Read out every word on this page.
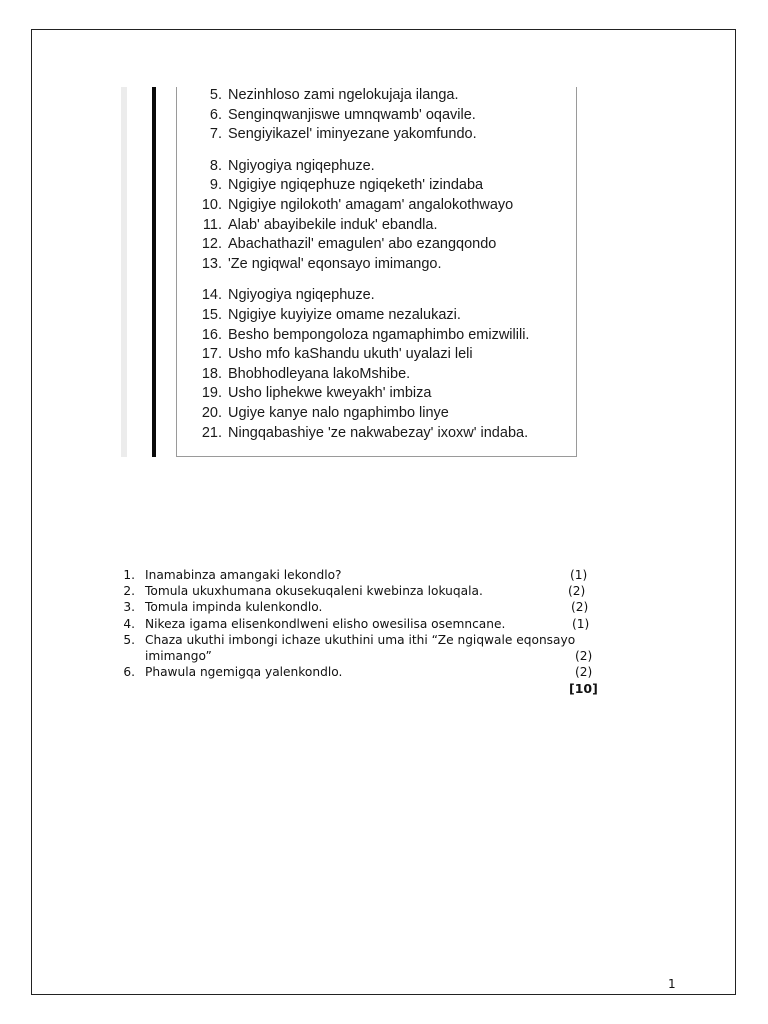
5. Nezinhloso zami ngelokujaja ilanga.
6. Senginqwanjiswe umnqwamb' oqavile.
7. Sengiyikazel' iminyezane yakomfundo.
8. Ngiyogiya ngiqephuze.
9. Ngigiye ngiqephuze ngiqeketh' izindaba
10. Ngigiye ngilokoth' amagam' angalokothwayo
11. Alab' abayibekile induk' ebandla.
12. Abachathazil' emagulen' abo ezangqondo
13. 'Ze ngiqwal' eqonsayo imimango.
14. Ngiyogiya ngiqephuze.
15. Ngigiye kuyiyize omame nezalukazi.
16. Besho bempongoloza ngamaphimbo emizwilili.
17. Usho mfo kaShandu ukuth' uyalazi leli
18. Bhobhodleyana lakoMshibe.
19. Usho liphekwe kweyakh' imbiza
20. Ugiye kanye nalo ngaphimbo linye
21. Ningqabashiye 'ze nakwabezay' ixoxw' indaba.
1. Inamabinza amangaki lekondlo?	(1)
2. Tomula ukuxhumana okusekuqaleni kwebinza lokuqala.	(2)
3. Tomula impinda kulenkondlo.	(2)
4. Nikeza igama elisenkondlweni elisho owesilisa osemncane.	(1)
5. Chaza ukuthi imbongi ichaze ukuthini uma ithi “Ze ngiqwale eqonsayo
imimango”	(2)
6. Phawula ngemigqa yalenkondlo.	(2)
[10]
1
